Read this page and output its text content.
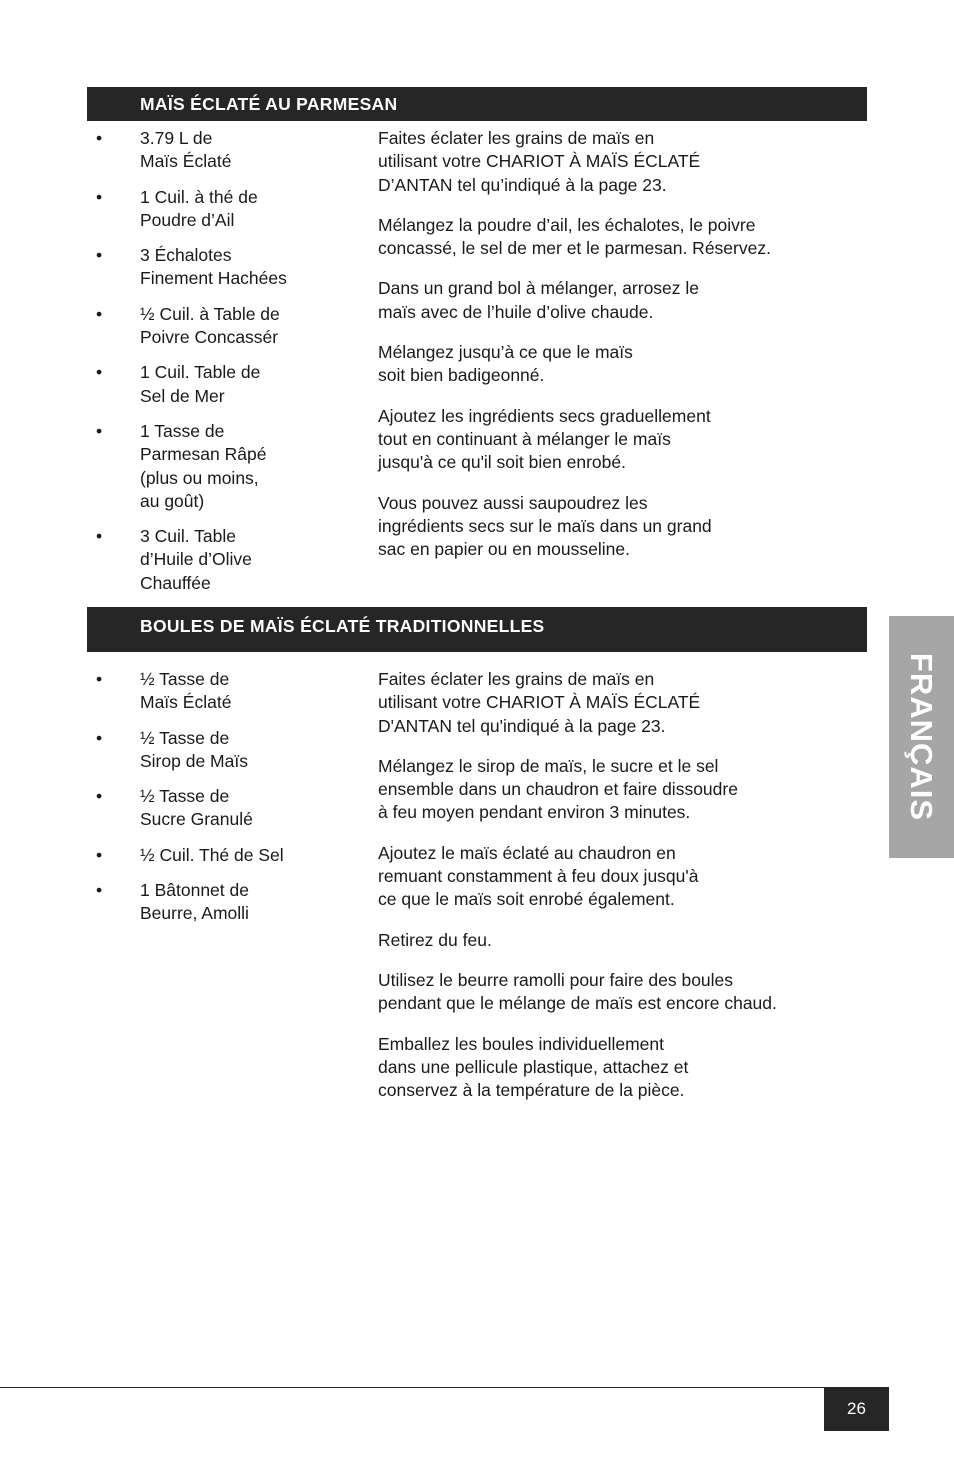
MAÏS ÉCLATÉ AU PARMESAN
• 3.79 L de
Maïs Éclaté
• 1 Cuil. à thé de
Poudre d’Ail
• 3 Échalotes
Finement Hachées
• ½ Cuil. à Table de
Poivre Concassér
• 1 Cuil. Table de
Sel de Mer
• 1 Tasse de
Parmesan Râpé
(plus ou moins,
au goût)
• 3 Cuil. Table
d’Huile d’Olive
Chauffée

Faites éclater les grains de maïs en
utilisant votre CHARIOT À MAÏS ÉCLATÉ
D’ANTAN tel qu’indiqué à la page 23.

Mélangez la poudre d’ail, les échalotes, le poivre
concassé, le sel de mer et le parmesan. Réservez.

Dans un grand bol à mélanger, arrosez le
maïs avec de l’huile d’olive chaude.

Mélangez jusqu’à ce que le maïs
soit bien badigeonné.

Ajoutez les ingrédients secs graduellement
tout en continuant à mélanger le maïs
jusqu'à ce qu'il soit bien enrobé.

Vous pouvez aussi saupoudrez les
ingrédients secs sur le maïs dans un grand
sac en papier ou en mousseline.

BOULES DE MAÏS ÉCLATÉ TRADITIONNELLES
• ½ Tasse de
Maïs Éclaté
• ½ Tasse de
Sirop de Maïs
• ½ Tasse de
Sucre Granulé
• ½ Cuil. Thé de Sel
• 1 Bâtonnet de
Beurre, Amolli

Faites éclater les grains de maïs en
utilisant votre CHARIOT À MAÏS ÉCLATÉ
D'ANTAN tel qu'indiqué à la page 23.

Mélangez le sirop de maïs, le sucre et le sel
ensemble dans un chaudron et faire dissoudre
à feu moyen pendant environ 3 minutes.

Ajoutez le maïs éclaté au chaudron en
remuant constamment à feu doux jusqu'à
ce que le maïs soit enrobé également.

Retirez du feu.

Utilisez le beurre ramolli pour faire des boules
pendant que le mélange de maïs est encore chaud.

Emballez les boules individuellement
dans une pellicule plastique, attachez et
conservez à la température de la pièce.

FRANÇAIS
26
